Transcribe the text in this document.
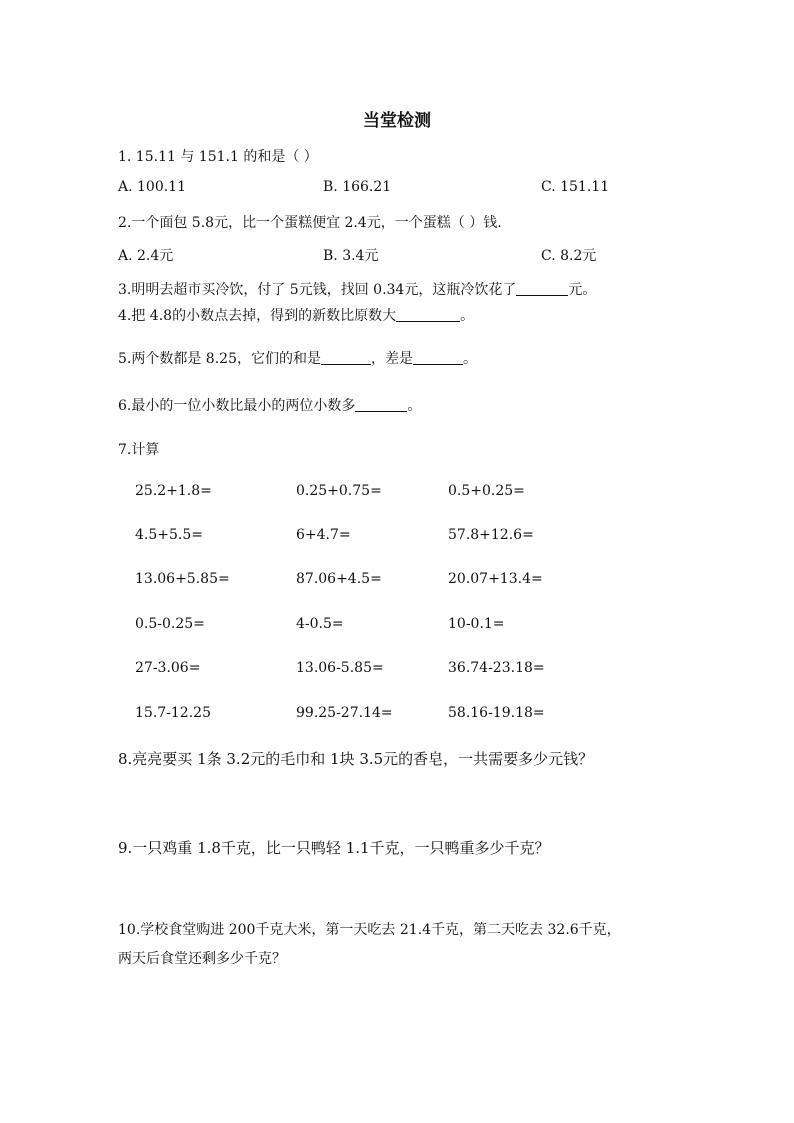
当堂检测
1. 15.11 与 151.1 的和是（ ）
A. 100.11	B. 166.21	C. 151.11
2.一个面包 5.8元，比一个蛋糕便宜 2.4元，一个蛋糕（ ）钱.
A. 2.4元	B. 3.4元	C. 8.2元
3.明明去超市买冷饮，付了 5元钱，找回 0.34元，这瓶冷饮花了	元。
4.把 4.8的小数点去掉，得到的新数比原数大	。
5.两个数都是 8.25，它们的和是	，差是	。
6.最小的一位小数比最小的两位小数多	。
7.计算
25.2+1.8=	0.25+0.75=	0.5+0.25=
4.5+5.5=	6+4.7=	57.8+12.6=
13.06+5.85=	87.06+4.5=	20.07+13.4=
0.5-0.25=	4-0.5=	10-0.1=
27-3.06=	13.06-5.85=	36.74-23.18=
15.7-12.25	99.25-27.14=	58.16-19.18=
8.亮亮要买 1条 3.2元的毛巾和 1块 3.5元的香皂，一共需要多少元钱？
9.一只鸡重 1.8千克，比一只鸭轻 1.1千克，一只鸭重多少千克？
10.学校食堂购进 200千克大米，第一天吃去 21.4千克，第二天吃去 32.6千克，
两天后食堂还剩多少千克？
